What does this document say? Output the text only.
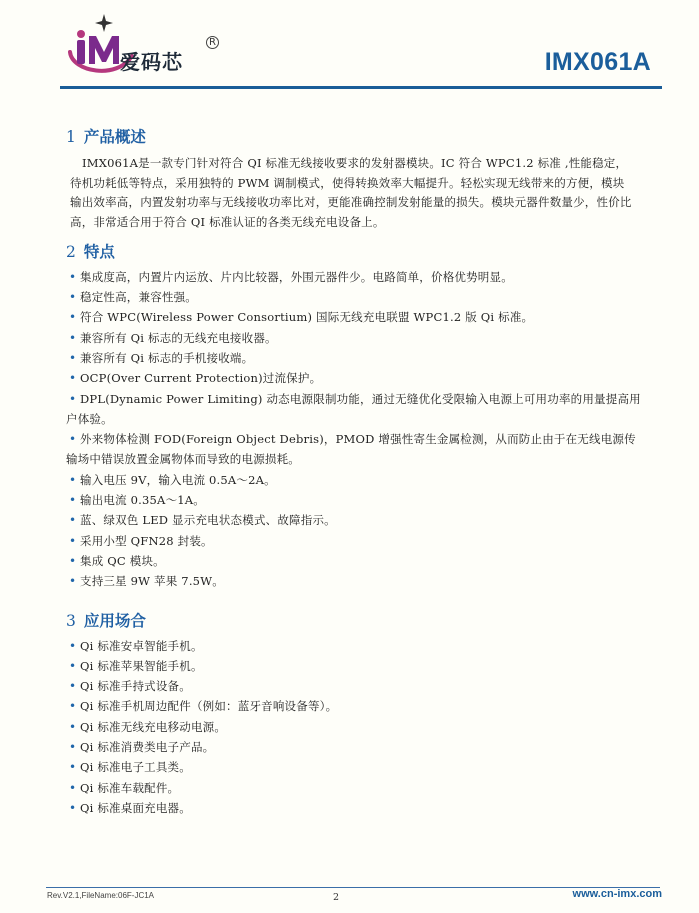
爱码芯
R
IMX061A
1 产品概述

IMX061A是一款专门针对符合 QI 标准无线接收要求的发射器模块。IC 符合 WPC1.2 标准 ,性能稳定，待机功耗低等特点，采用独特的 PWM 调制模式，使得转换效率大幅提升。轻松实现无线带来的方便，模块输出效率高，内置发射功率与无线接收功率比对，更能准确控制发射能量的损失。模块元器件数量少，性价比高，非常适合用于符合 QI 标准认证的各类无线充电设备上。

2 特点
• 集成度高，内置片内运放、片内比较器，外围元器件少。电路简单，价格优势明显。
• 稳定性高，兼容性强。
• 符合 WPC(Wireless Power Consortium) 国际无线充电联盟 WPC1.2 版 Qi 标准。
• 兼容所有 Qi 标志的无线充电接收器。
• 兼容所有 Qi 标志的手机接收端。
• OCP(Over Current Protection)过流保护。
• DPL(Dynamic Power Limiting) 动态电源限制功能，通过无缝优化受限输入电源上可用功率的用量提高用户体验。
• 外来物体检测 FOD(Foreign Object Debris)，PMOD 增强性寄生金属检测，从而防止由于在无线电源传输场中错误放置金属物体而导致的电源损耗。
• 输入电压 9V，输入电流 0.5A～2A。
• 输出电流 0.35A～1A。
• 蓝、绿双色 LED 显示充电状态模式、故障指示。
• 采用小型 QFN28 封装。
• 集成 QC 模块。
• 支持三星 9W 苹果 7.5W。
3 应用场合
• Qi 标准安卓智能手机。
• Qi 标准苹果智能手机。
• Qi 标准手持式设备。
• Qi 标准手机周边配件（例如：蓝牙音响设备等）。
• Qi 标准无线充电移动电源。
• Qi 标准消费类电子产品。
• Qi 标准电子工具类。
• Qi 标准车载配件。
• Qi 标准桌面充电器。
Rev.V2.1,FileName:06F-JC1A	2	www.cn-imx.com
